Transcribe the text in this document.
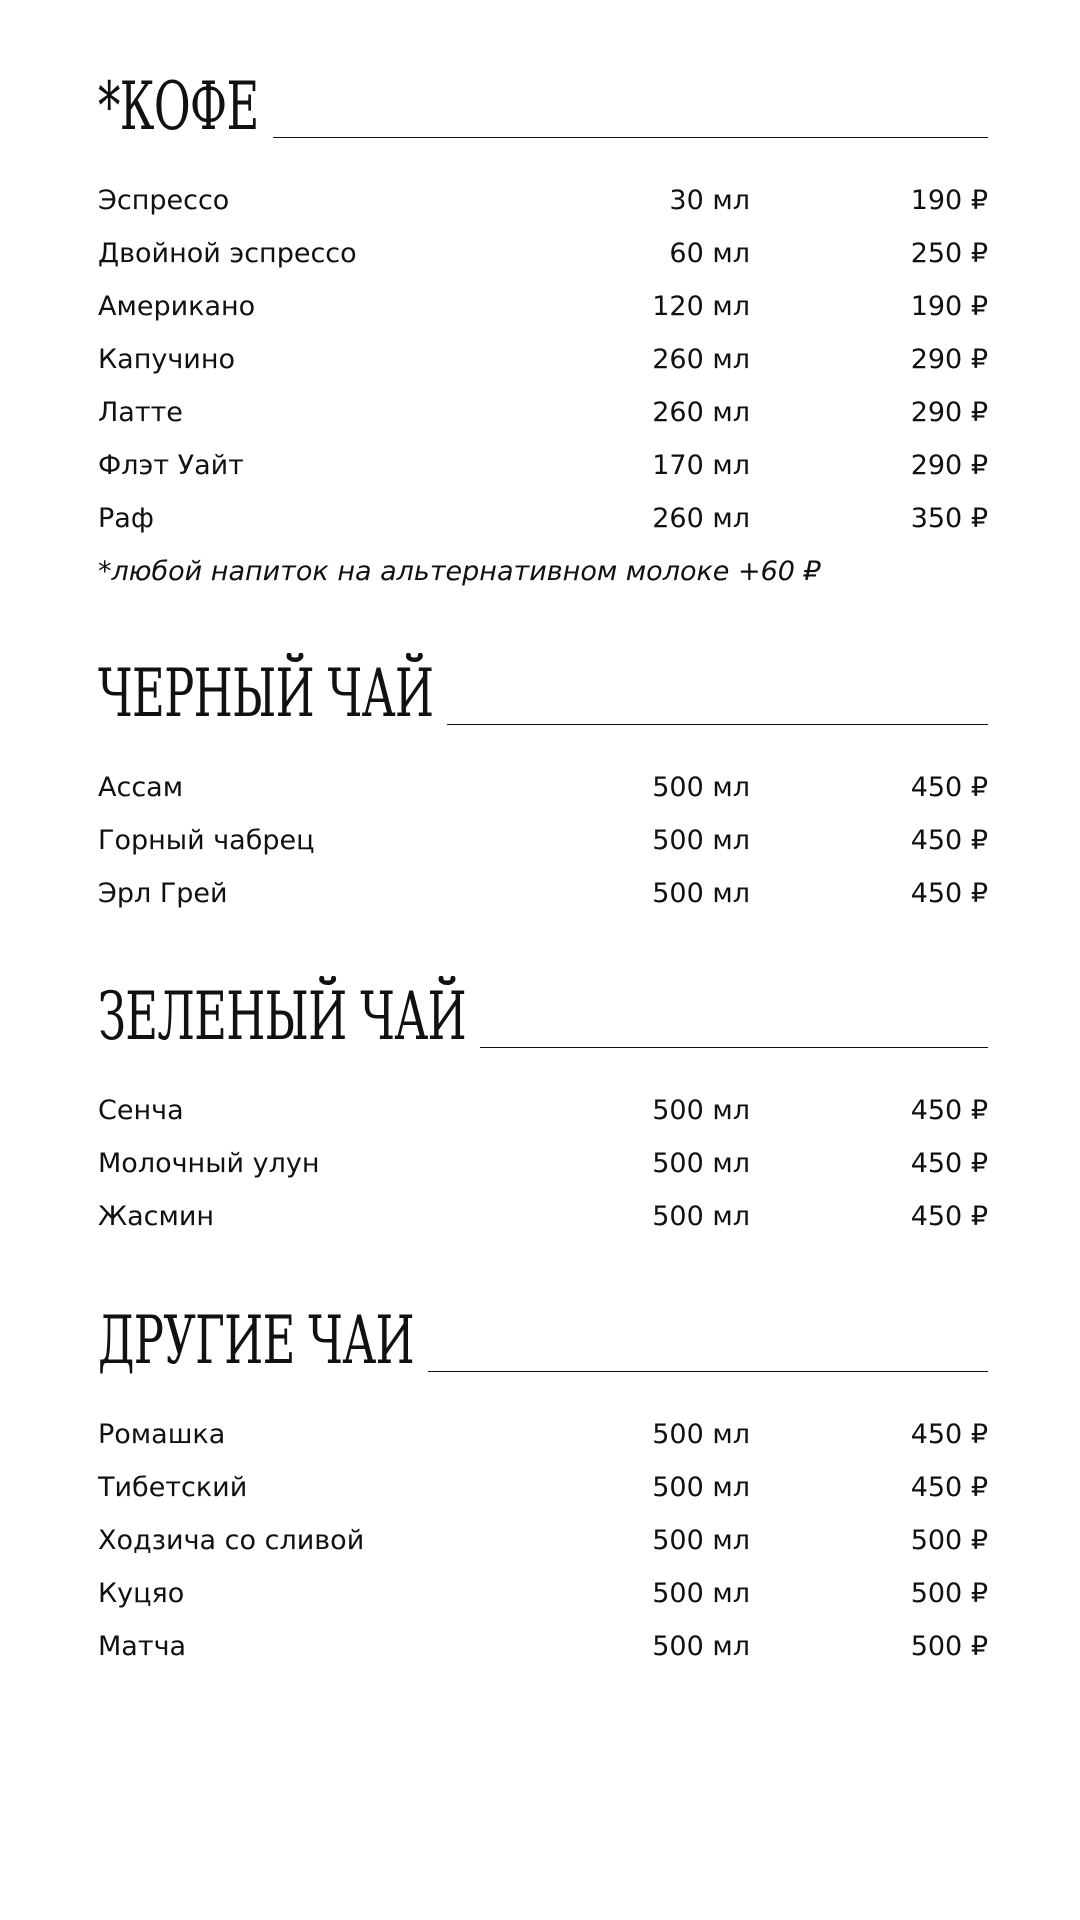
*КОФЕ
Эспрессо	30 мл	190 ₽
Двойной эспрессо	60 мл	250 ₽
Американо	120 мл	190 ₽
Капучино	260 мл	290 ₽
Латте	260 мл	290 ₽
Флэт Уайт	170 мл	290 ₽
Раф	260 мл	350 ₽
*любой напиток на альтернативном молоке +60 ₽
ЧЕРНЫЙ ЧАЙ
Ассам	500 мл	450 ₽
Горный чабрец	500 мл	450 ₽
Эрл Грей	500 мл	450 ₽
ЗЕЛЕНЫЙ ЧАЙ
Сенча	500 мл	450 ₽
Молочный улун	500 мл	450 ₽
Жасмин	500 мл	450 ₽
ДРУГИЕ ЧАИ
Ромашка	500 мл	450 ₽
Тибетский	500 мл	450 ₽
Ходзича со сливой	500 мл	500 ₽
Куцяо	500 мл	500 ₽
Матча	500 мл	500 ₽
